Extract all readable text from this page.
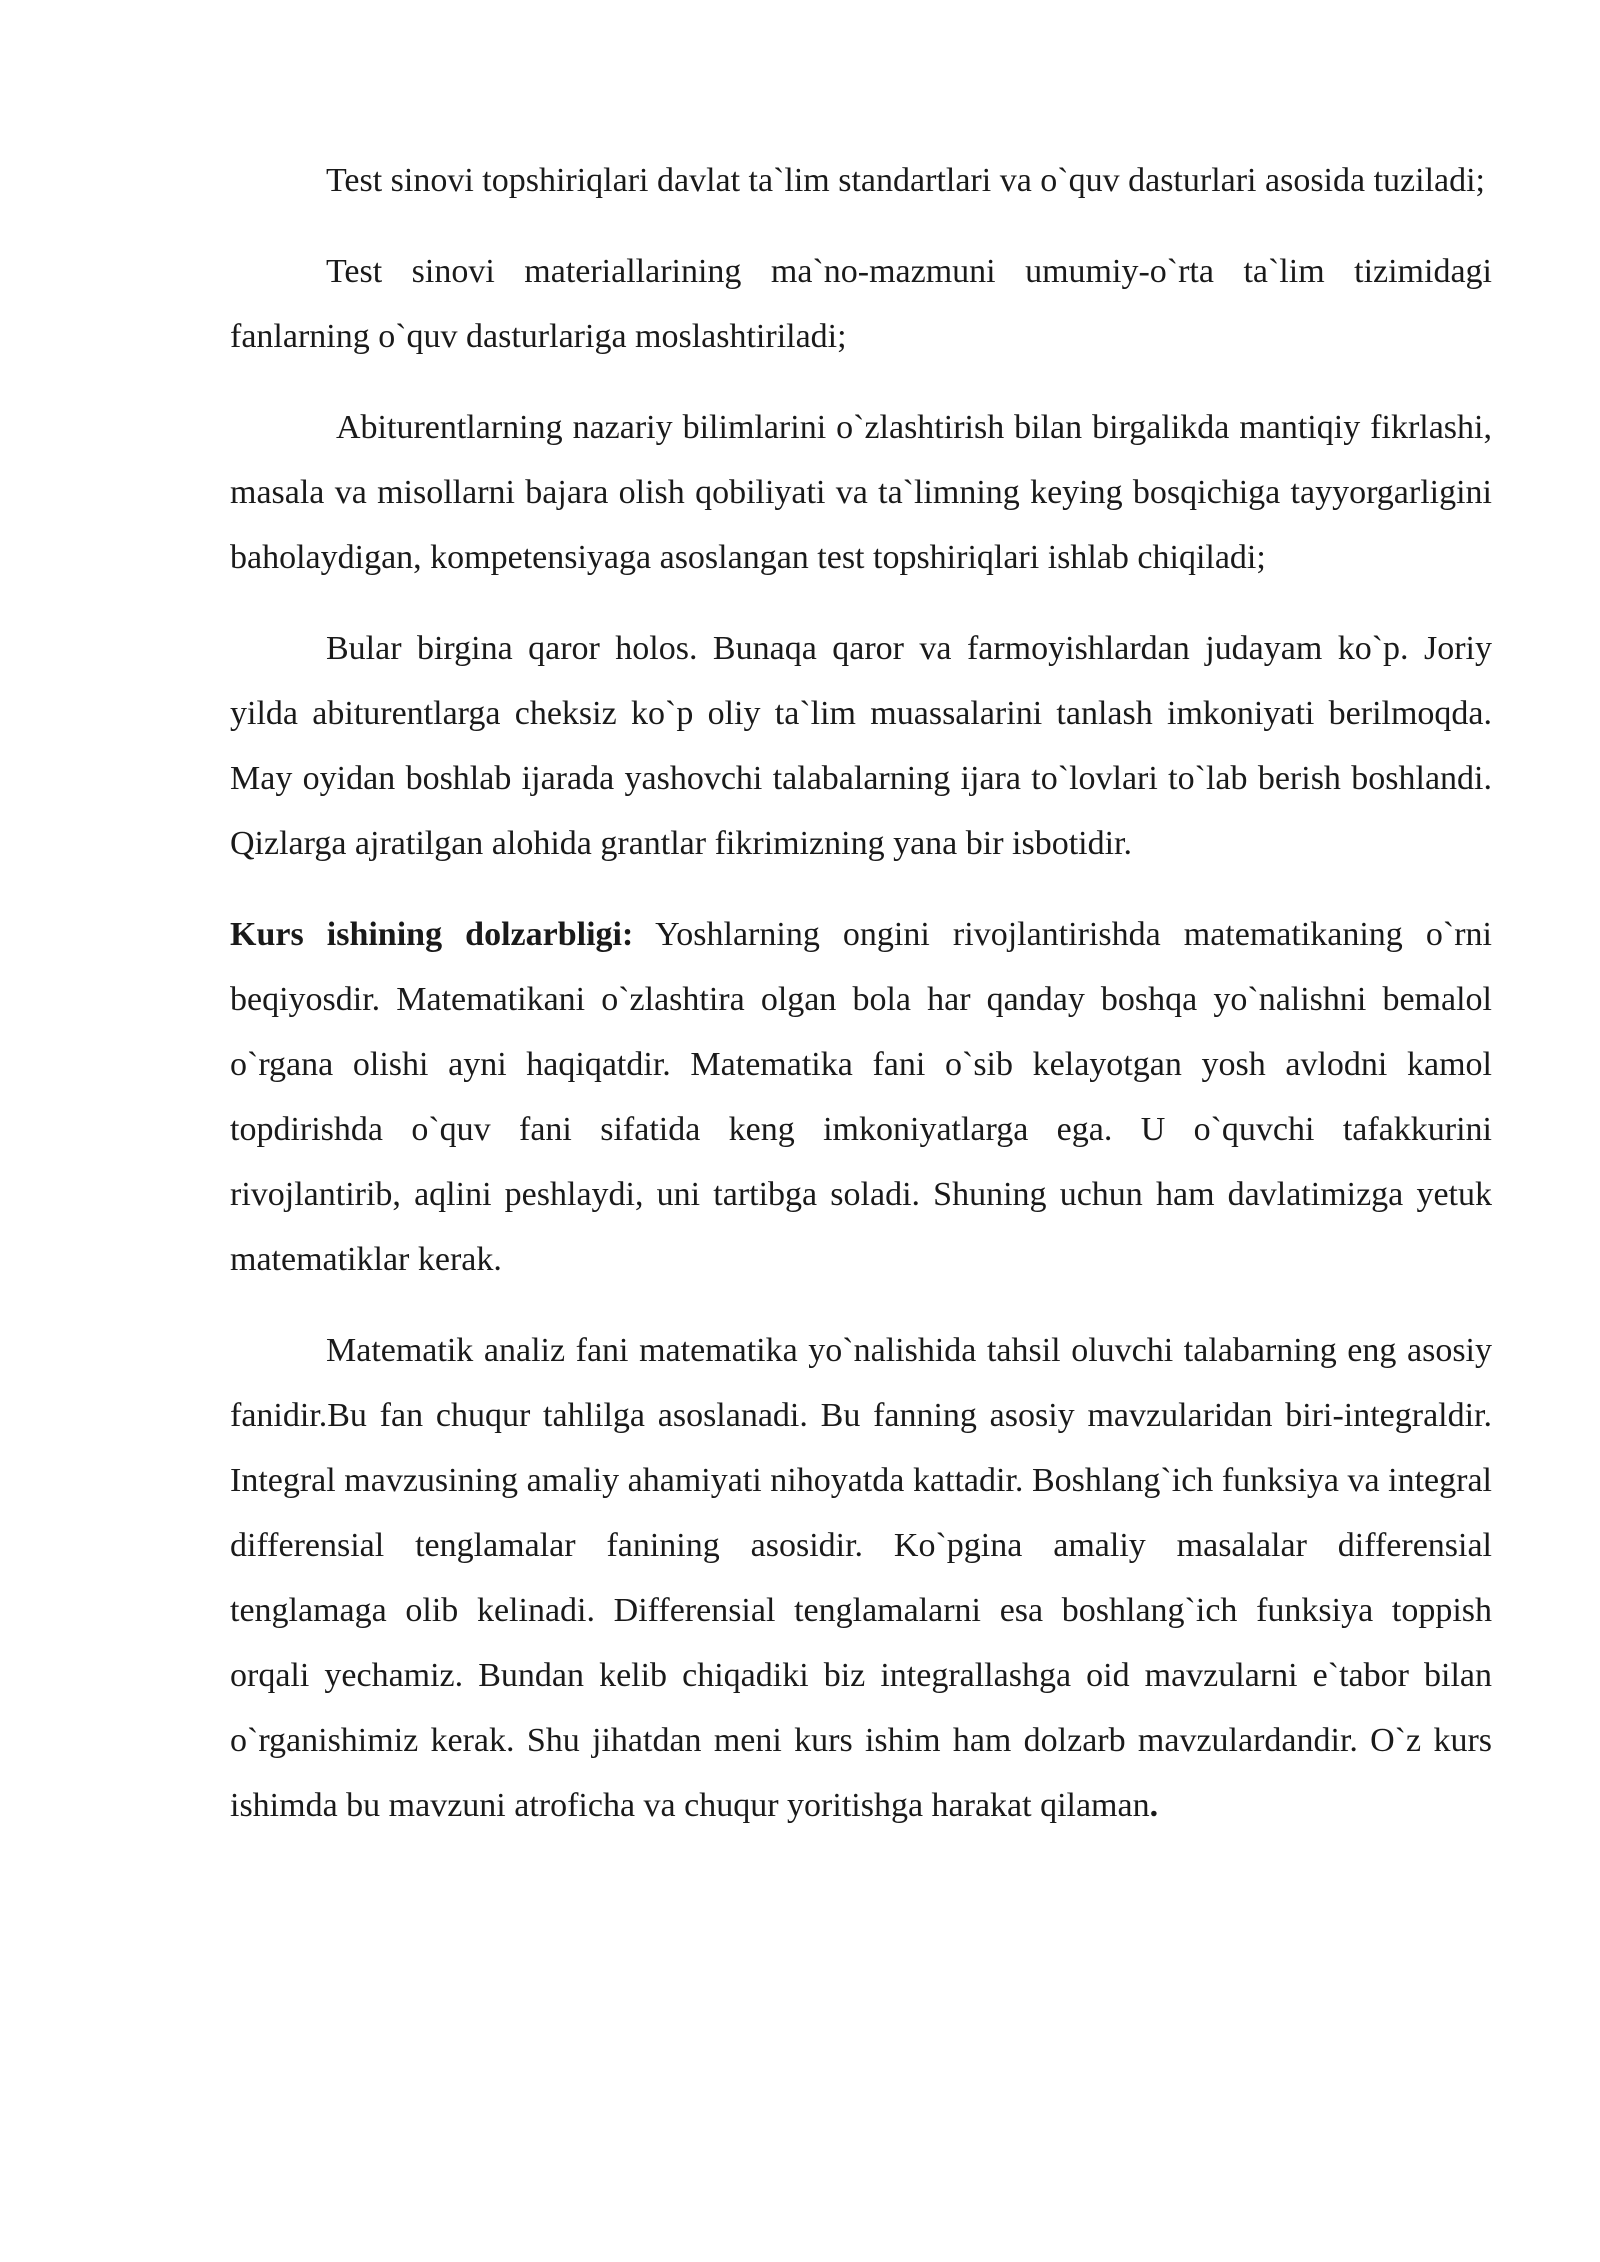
Test sinovi topshiriqlari davlat ta`lim standartlari va o`quv dasturlari asosida tuziladi;

Test sinovi materiallarining ma`no-mazmuni umumiy-o`rta ta`lim tizimidagi fanlarning o`quv dasturlariga moslashtiriladi;

Abiturentlarning nazariy bilimlarini o`zlashtirish bilan birgalikda mantiqiy fikrlashi, masala va misollarni bajara olish qobiliyati va ta`limning keying bosqichiga tayyorgarligini baholaydigan, kompetensiyaga asoslangan test topshiriqlari ishlab chiqiladi;

Bular birgina qaror holos. Bunaqa qaror va farmoyishlardan judayam ko`p. Joriy yilda abiturentlarga cheksiz ko`p oliy ta`lim muassalarini tanlash imkoniyati berilmoqda. May oyidan boshlab ijarada yashovchi talabalarning ijara to`lovlari to`lab berish boshlandi. Qizlarga ajratilgan alohida grantlar fikrimizning yana bir isbotidir.

Kurs ishining dolzarbligi: Yoshlarning ongini rivojlantirishda matematikaning o`rni beqiyosdir. Matematikani o`zlashtira olgan bola har qanday boshqa yo`nalishni bemalol o`rgana olishi ayni haqiqatdir. Matematika fani o`sib kelayotgan yosh avlodni kamol topdirishda o`quv fani sifatida keng imkoniyatlarga ega. U o`quvchi tafakkurini rivojlantirib, aqlini peshlaydi, uni tartibga soladi. Shuning uchun ham davlatimizga yetuk matematiklar kerak.

Matematik analiz fani matematika yo`nalishida tahsil oluvchi talabarning eng asosiy fanidir.Bu fan chuqur tahlilga asoslanadi. Bu fanning asosiy mavzularidan biri-integraldir. Integral mavzusining amaliy ahamiyati nihoyatda kattadir. Boshlang`ich funksiya va integral differensial tenglamalar fanining asosidir. Ko`pgina amaliy masalalar differensial tenglamaga olib kelinadi. Differensial tenglamalarni esa boshlang`ich funksiya toppish orqali yechamiz. Bundan kelib chiqadiki biz integrallashga oid mavzularni e`tabor bilan o`rganishimiz kerak. Shu jihatdan meni kurs ishim ham dolzarb mavzulardandir. O`z kurs ishimda bu mavzuni atroficha va chuqur yoritishga harakat qilaman.
